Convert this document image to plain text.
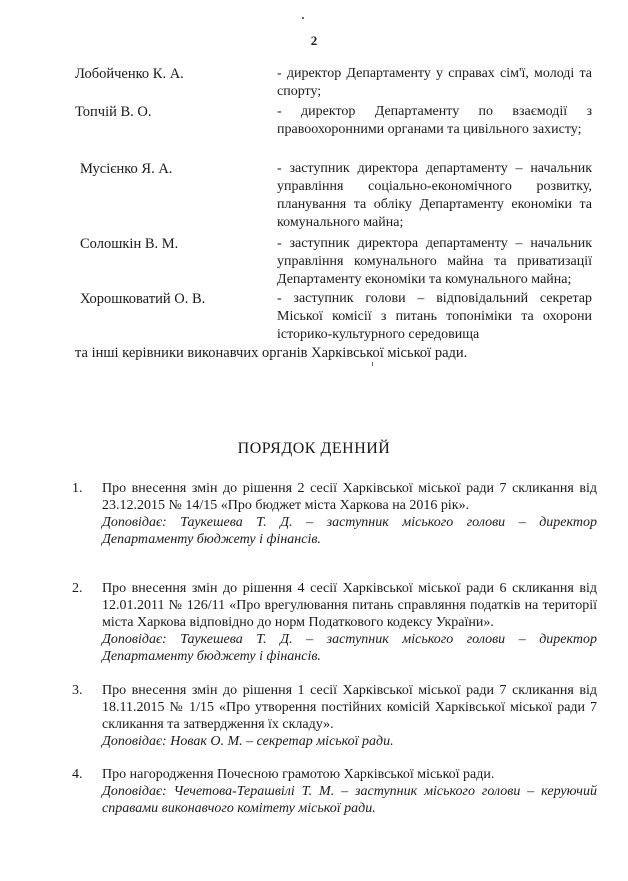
2
Лобойченко К. А.	- директор Департаменту у справах сім'ї, молоді та спорту;
Топчій В. О.	- директор Департаменту по взаємодії з правоохоронними органами та цивільного захисту;
Мусієнко Я. А.	- заступник директора департаменту – начальник управління соціально-економічного розвитку, планування та обліку Департаменту економіки та комунального майна;
Солошкін В. М.	- заступник директора департаменту – начальник управління комунального майна та приватизації Департаменту економіки та комунального майна;
Хорошковатий О. В.	- заступник голови – відповідальний секретар Міської комісії з питань топоніміки та охорони історико-культурного середовища
та інші керівники виконавчих органів Харківської міської ради.
ПОРЯДОК ДЕННИЙ
1. Про внесення змін до рішення 2 сесії Харківської міської ради 7 скликання від 23.12.2015 № 14/15 «Про бюджет міста Харкова на 2016 рік».
Доповідає: Таукешева Т. Д. – заступник міського голови – директор Департаменту бюджету і фінансів.
2. Про внесення змін до рішення 4 сесії Харківської міської ради 6 скликання від 12.01.2011 № 126/11 «Про врегулювання питань справляння податків на території міста Харкова відповідно до норм Податкового кодексу України».
Доповідає: Таукешева Т. Д. – заступник міського голови – директор Департаменту бюджету і фінансів.
3. Про внесення змін до рішення 1 сесії Харківської міської ради 7 скликання від 18.11.2015 № 1/15 «Про утворення постійних комісій Харківської міської ради 7 скликання та затвердження їх складу».
Доповідає: Новак О. М. – секретар міської ради.
4. Про нагородження Почесною грамотою Харківської міської ради.
Доповідає: Чечетова-Терашвілі Т. М. – заступник міського голови – керуючий справами виконавчого комітету міської ради.
